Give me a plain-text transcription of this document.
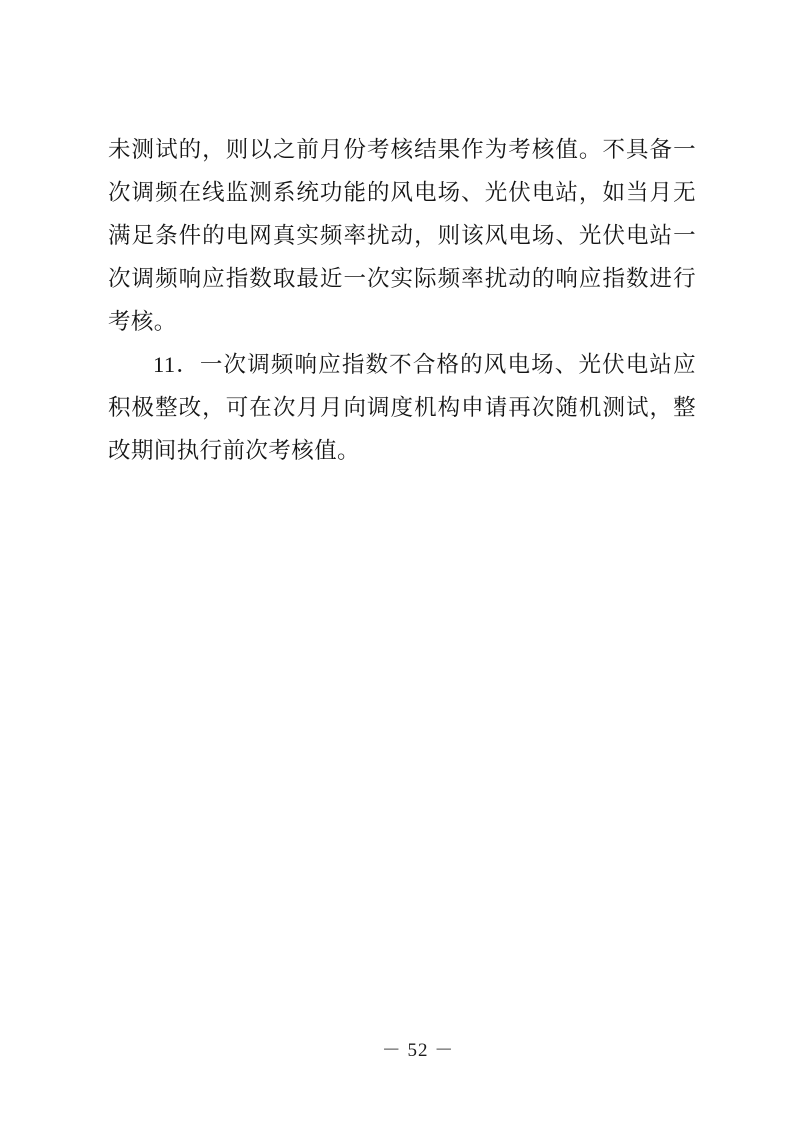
未测试的，则以之前月份考核结果作为考核值。不具备一次调频在线监测系统功能的风电场、光伏电站，如当月无满足条件的电网真实频率扰动，则该风电场、光伏电站一次调频响应指数取最近一次实际频率扰动的响应指数进行考核。

11．一次调频响应指数不合格的风电场、光伏电站应积极整改，可在次月月向调度机构申请再次随机测试，整改期间执行前次考核值。

－ 52 －
